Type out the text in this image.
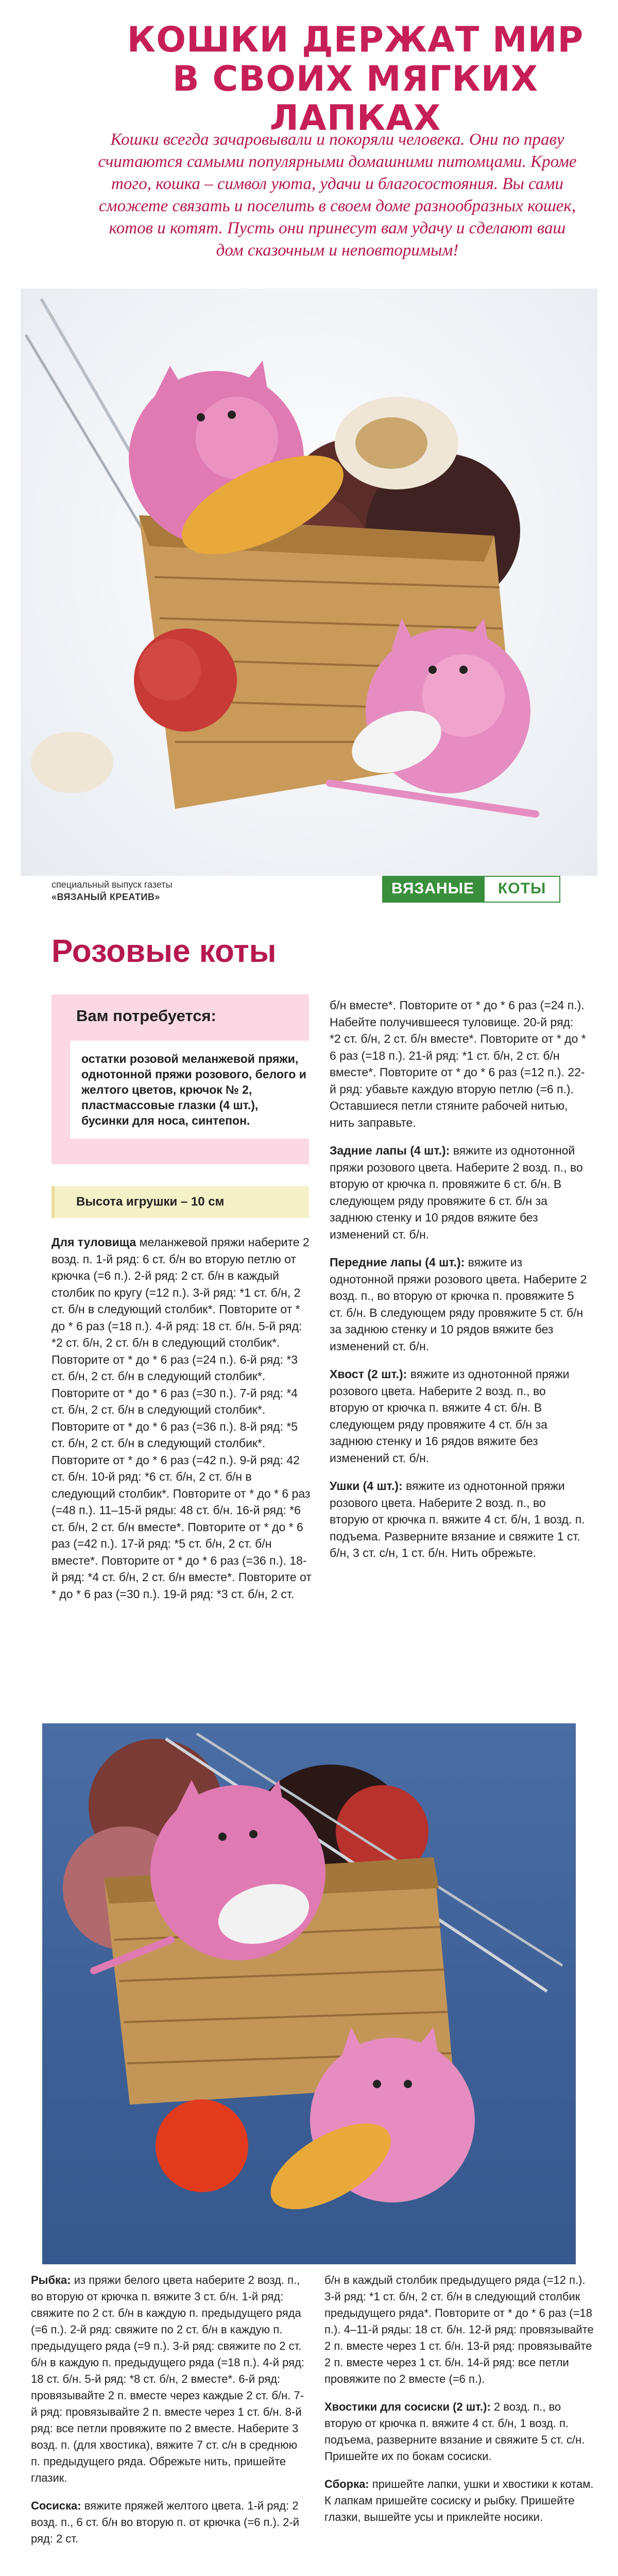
КОШКИ ДЕРЖАТ МИР
В СВОИХ МЯГКИХ ЛАПКАХ
Кошки всегда зачаровывали и покоряли человека. Они по праву считаются самыми популярными домашними питомцами. Кроме того, кошка – символ уюта, удачи и благосостояния. Вы сами сможете связать и поселить в своем доме разнообразных кошек, котов и котят. Пусть они принесут вам удачу и сделают ваш дом сказочным и неповторимым!
специальный выпуск газеты
«ВЯЗАНЫЙ КРЕАТИВ»	ВЯЗАНЫЕ	КОТЫ
Розовые коты
Вам потребуется:
остатки розовой меланжевой пряжи, однотонной пряжи розового, белого и желтого цветов, крючок № 2, пластмассовые глазки (4 шт.), бусинки для носа, синтепон.
Высота игрушки – 10 см

Для туловища меланжевой пряжи наберите 2 возд. п. 1-й ряд: 6 ст. б/н во вторую петлю от крючка (=6 п.). 2-й ряд: 2 ст. б/н в каждый столбик по кругу (=12 п.). 3-й ряд: *1 ст. б/н, 2 ст. б/н в следующий столбик*. Повторите от * до * 6 раз (=18 п.). 4-й ряд: 18 ст. б/н. 5-й ряд: *2 ст. б/н, 2 ст. б/н в следующий столбик*. Повторите от * до * 6 раз (=24 п.). 6-й ряд: *3 ст. б/н, 2 ст. б/н в следующий столбик*. Повторите от * до * 6 раз (=30 п.). 7-й ряд: *4 ст. б/н, 2 ст. б/н в следующий столбик*. Повторите от * до * 6 раз (=36 п.). 8-й ряд: *5 ст. б/н, 2 ст. б/н в следующий столбик*. Повторите от * до * 6 раз (=42 п.). 9-й ряд: 42 ст. б/н. 10-й ряд: *6 ст. б/н, 2 ст. б/н в следующий столбик*. Повторите от * до * 6 раз (=48 п.). 11–15-й ряды: 48 ст. б/н. 16-й ряд: *6 ст. б/н, 2 ст. б/н вместе*. Повторите от * до * 6 раз (=42 п.). 17-й ряд: *5 ст. б/н, 2 ст. б/н вместе*. Повторите от * до * 6 раз (=36 п.). 18-й ряд: *4 ст. б/н, 2 ст. б/н вместе*. Повторите от * до * 6 раз (=30 п.). 19-й ряд: *3 ст. б/н, 2 ст.

б/н вместе*. Повторите от * до * 6 раз (=24 п.). Набейте получившееся туловище. 20-й ряд: *2 ст. б/н, 2 ст. б/н вместе*. Повторите от * до * 6 раз (=18 п.). 21-й ряд: *1 ст. б/н, 2 ст. б/н вместе*. Повторите от * до * 6 раз (=12 п.). 22-й ряд: убавьте каждую вторую петлю (=6 п.). Оставшиеся петли стяните рабочей нитью, нить заправьте.

Задние лапы (4 шт.): вяжите из однотонной пряжи розового цвета. Наберите 2 возд. п., во вторую от крючка п. провяжите 6 ст. б/н. В следующем ряду провяжите 6 ст. б/н за заднюю стенку и 10 рядов вяжите без изменений ст. б/н.

Передние лапы (4 шт.): вяжите из однотонной пряжи розового цвета. Наберите 2 возд. п., во вторую от крючка п. провяжите 5 ст. б/н. В следующем ряду провяжите 5 ст. б/н за заднюю стенку и 10 рядов вяжите без изменений ст. б/н.

Хвост (2 шт.): вяжите из однотонной пряжи розового цвета. Наберите 2 возд. п., во вторую от крючка п. вяжите 4 ст. б/н. В следующем ряду провяжите 4 ст. б/н за заднюю стенку и 16 рядов вяжите без изменений ст. б/н.

Ушки (4 шт.): вяжите из однотонной пряжи розового цвета. Наберите 2 возд. п., во вторую от крючка п. вяжите 4 ст. б/н, 1 возд. п. подъема. Разверните вязание и свяжите 1 ст. б/н, 3 ст. с/н, 1 ст. б/н. Нить обрежьте.

Рыбка: из пряжи белого цвета наберите 2 возд. п., во вторую от крючка п. вяжите 3 ст. б/н. 1-й ряд: свяжите по 2 ст. б/н в каждую п. предыдущего ряда (=6 п.). 2-й ряд: свяжите по 2 ст. б/н в каждую п. предыдущего ряда (=9 п.). 3-й ряд: свяжите по 2 ст. б/н в каждую п. предыдущего ряда (=18 п.). 4-й ряд: 18 ст. б/н. 5-й ряд: *8 ст. б/н, 2 вместе*. 6-й ряд: провязывайте 2 п. вместе через каждые 2 ст. б/н. 7-й ряд: провязывайте 2 п. вместе через 1 ст. б/н. 8-й ряд: все петли провяжите по 2 вместе. Наберите 3 возд. п. (для хвостика), вяжите 7 ст. с/н в среднюю п. предыдущего ряда. Обрежьте нить, пришейте глазик.

Сосиска: вяжите пряжей желтого цвета. 1-й ряд: 2 возд. п., 6 ст. б/н во вторую п. от крючка (=6 п.). 2-й ряд: 2 ст.

б/н в каждый столбик предыдущего ряда (=12 п.). 3-й ряд: *1 ст. б/н, 2 ст. б/н в следующий столбик предыдущего ряда*. Повторите от * до * 6 раз (=18 п.). 4–11-й ряды: 18 ст. б/н. 12-й ряд: провязывайте 2 п. вместе через 1 ст. б/н. 13-й ряд: провязывайте 2 п. вместе через 1 ст. б/н. 14-й ряд: все петли провяжите по 2 вместе (=6 п.).

Хвостики для сосиски (2 шт.): 2 возд. п., во вторую от крючка п. вяжите 4 ст. б/н, 1 возд. п. подъема, разверните вязание и свяжите 5 ст. с/н. Пришейте их по бокам сосиски.

Сборка: пришейте лапки, ушки и хвостики к котам. К лапкам пришейте сосиску и рыбку. Пришейте глазки, вышейте усы и приклейте носики.
